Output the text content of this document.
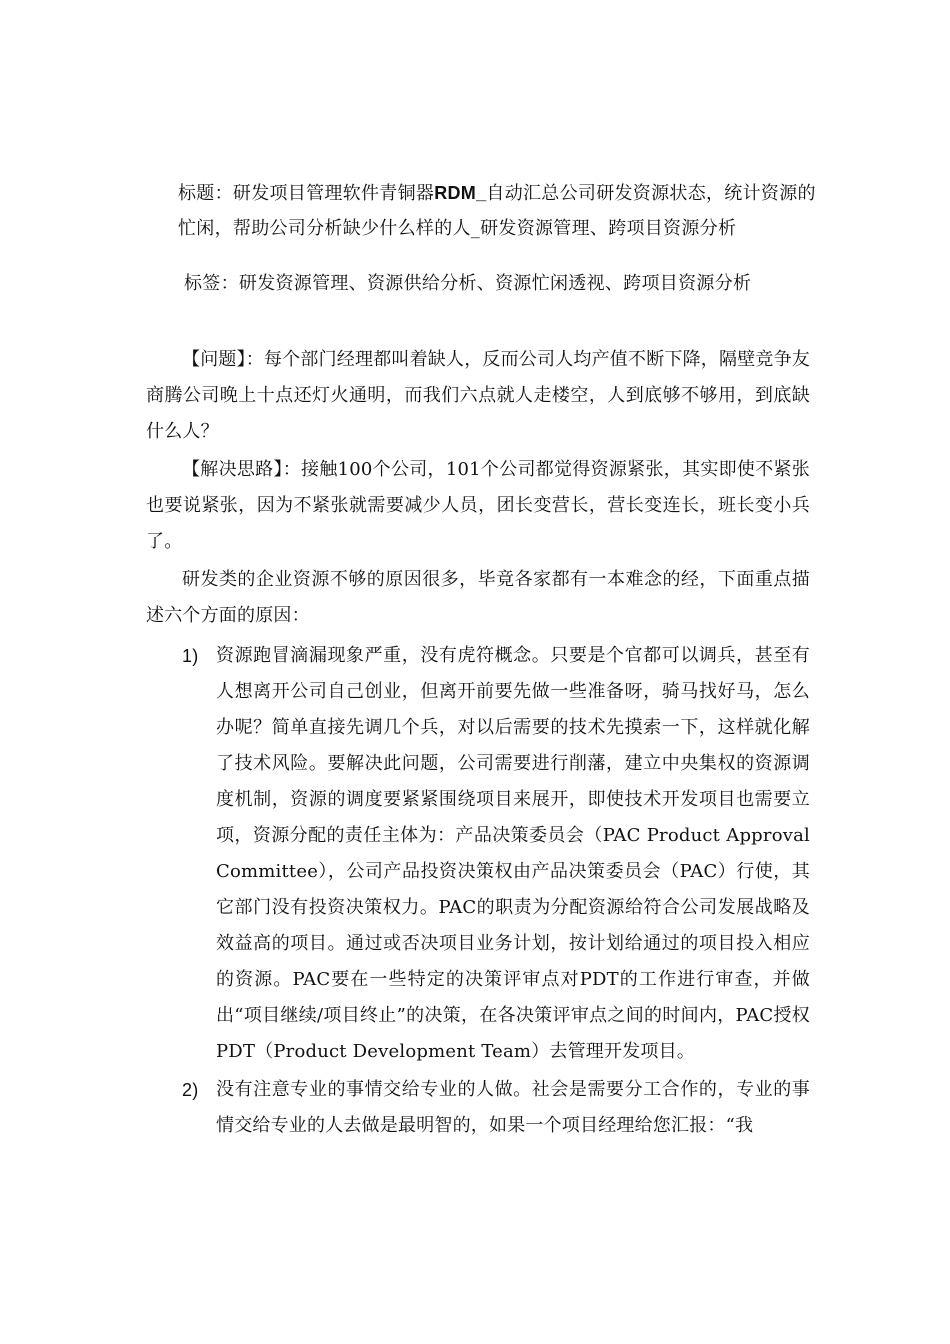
标题：研发项目管理软件青铜器RDM_自动汇总公司研发资源状态，统计资源的忙闲，帮助公司分析缺少什么样的人_研发资源管理、跨项目资源分析
标签：研发资源管理、资源供给分析、资源忙闲透视、跨项目资源分析

【问题】：每个部门经理都叫着缺人，反而公司人均产值不断下降，隔壁竞争友商腾公司晚上十点还灯火通明，而我们六点就人走楼空，人到底够不够用，到底缺什么人？

【解决思路】：接触100个公司，101个公司都觉得资源紧张，其实即使不紧张也要说紧张，因为不紧张就需要减少人员，团长变营长，营长变连长，班长变小兵了。

研发类的企业资源不够的原因很多，毕竟各家都有一本难念的经，下面重点描述六个方面的原因：

1) 资源跑冒滴漏现象严重，没有虎符概念。只要是个官都可以调兵，甚至有人想离开公司自己创业，但离开前要先做一些准备呀，骑马找好马，怎么办呢？简单直接先调几个兵，对以后需要的技术先摸索一下，这样就化解了技术风险。要解决此问题，公司需要进行削藩，建立中央集权的资源调度机制，资源的调度要紧紧围绕项目来展开，即使技术开发项目也需要立项，资源分配的责任主体为：产品决策委员会（PAC Product Approval Committee），公司产品投资决策权由产品决策委员会（PAC）行使，其它部门没有投资决策权力。PAC的职责为分配资源给符合公司发展战略及效益高的项目。通过或否决项目业务计划，按计划给通过的项目投入相应的资源。PAC要在一些特定的决策评审点对PDT的工作进行审查，并做出“项目继续/项目终止”的决策，在各决策评审点之间的时间内，PAC授权PDT（Product Development Team）去管理开发项目。
2) 没有注意专业的事情交给专业的人做。社会是需要分工合作的，专业的事情交给专业的人去做是最明智的，如果一个项目经理给您汇报：“我
